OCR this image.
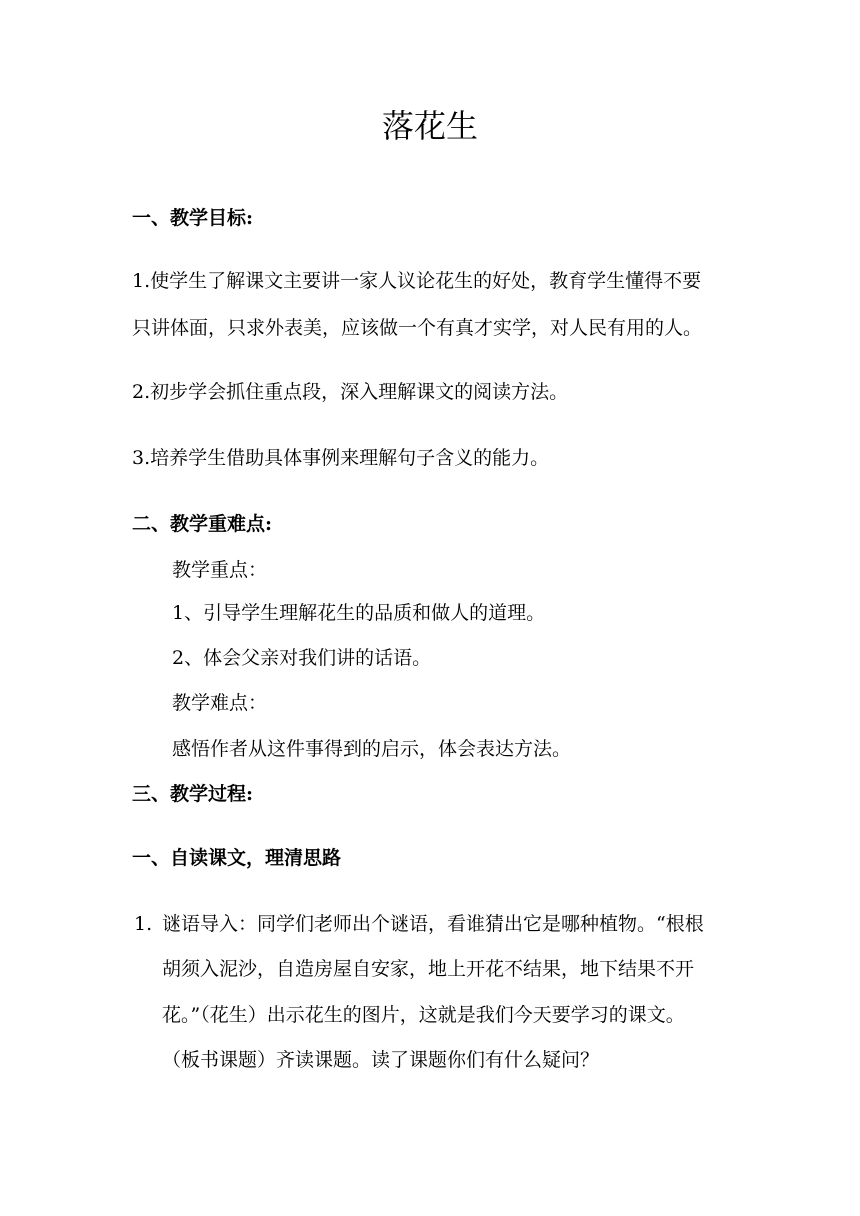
落花生

一、教学目标:

1.使学生了解课文主要讲一家人议论花生的好处，教育学生懂得不要

只讲体面，只求外表美，应该做一个有真才实学，对人民有用的人。

2.初步学会抓住重点段，深入理解课文的阅读方法。

3.培养学生借助具体事例来理解句子含义的能力。

二、教学重难点:

教学重点：

1、引导学生理解花生的品质和做人的道理。

2、体会父亲对我们讲的话语。

教学难点：

感悟作者从这件事得到的启示，体会表达方法。

三、教学过程:

一、自读课文，理清思路

1. 谜语导入：同学们老师出个谜语，看谁猜出它是哪种植物。“根根
胡须入泥沙，自造房屋自安家，地上开花不结果，地下结果不开
花。”（花生）出示花生的图片，这就是我们今天要学习的课文。
（板书课题）齐读课题。读了课题你们有什么疑问？
